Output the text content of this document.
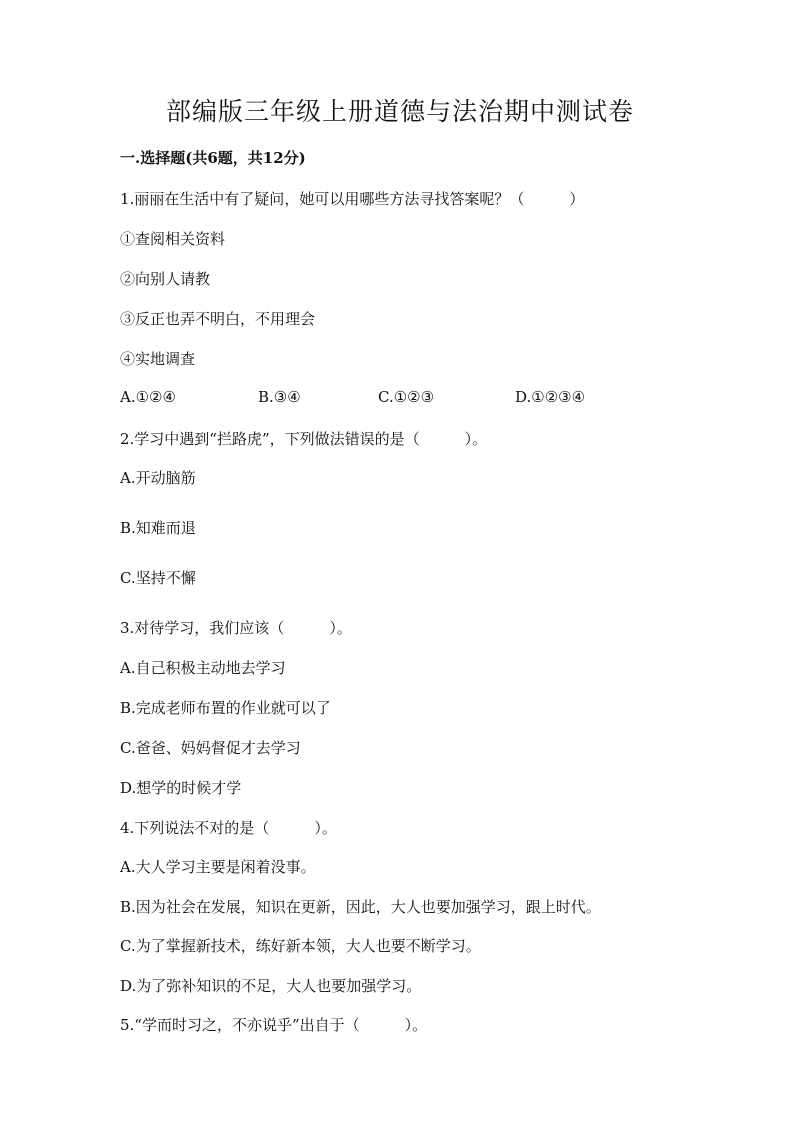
部编版三年级上册道德与法治期中测试卷

一.选择题(共6题，共12分)

1.丽丽在生活中有了疑问，她可以用哪些方法寻找答案呢？（　　　）

①查阅相关资料

②向别人请教

③反正也弄不明白，不用理会

④实地调查

A.①②④	B.③④	C.①②③	D.①②③④

2.学习中遇到“拦路虎”，下列做法错误的是（　　　）。

A.开动脑筋

B.知难而退

C.坚持不懈

3.对待学习，我们应该（　　　）。

A.自己积极主动地去学习

B.完成老师布置的作业就可以了

C.爸爸、妈妈督促才去学习

D.想学的时候才学

4.下列说法不对的是（　　　）。

A.大人学习主要是闲着没事。

B.因为社会在发展，知识在更新，因此，大人也要加强学习，跟上时代。

C.为了掌握新技术，练好新本领，大人也要不断学习。

D.为了弥补知识的不足，大人也要加强学习。

5.“学而时习之，不亦说乎”出自于（　　　）。
